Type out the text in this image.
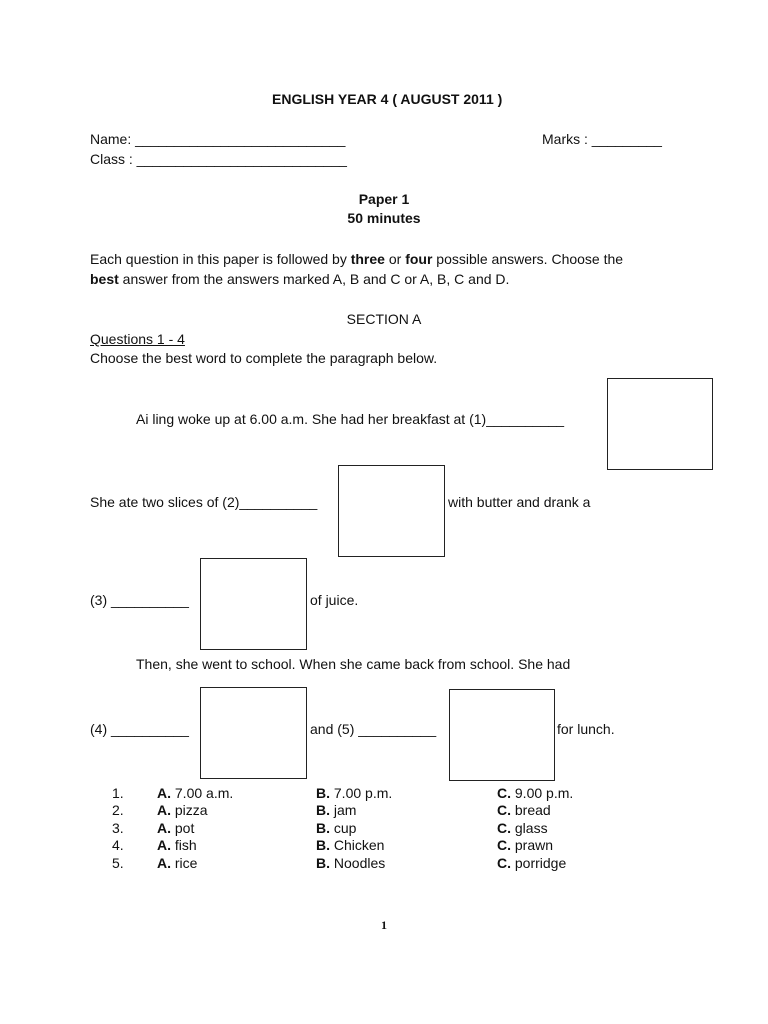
ENGLISH YEAR 4 ( AUGUST 2011 )
Name: ___________________________	Marks : _________
Class : ___________________________
Paper 1
50 minutes
Each question in this paper is followed by three or four possible answers. Choose the
best answer from the answers marked A, B and C or A, B, C and D.
SECTION A
Questions 1 - 4
Choose the best word to complete the paragraph below.
Ai ling woke up at 6.00 a.m. She had her breakfast at (1)__________
She ate two slices of (2)__________	with butter and drank a
(3) __________	of juice.
Then, she went to school. When she came back from school. She had
(4) __________	and (5) __________	for lunch.
1. A. 7.00 a.m.	B. 7.00 p.m.	C. 9.00 p.m.
2. A. pizza	B. jam	C. bread
3. A. pot	B. cup	C. glass
4. A. fish	B. Chicken	C. prawn
5. A. rice	B. Noodles	C. porridge
1
